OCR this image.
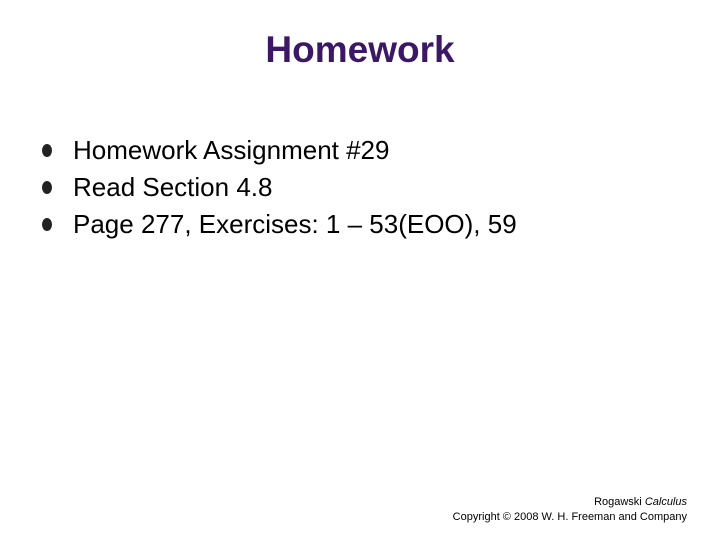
Homework
Homework Assignment #29
Read Section 4.8
Page 277, Exercises: 1 – 53(EOO), 59
Rogawski Calculus
Copyright © 2008 W. H. Freeman and Company
